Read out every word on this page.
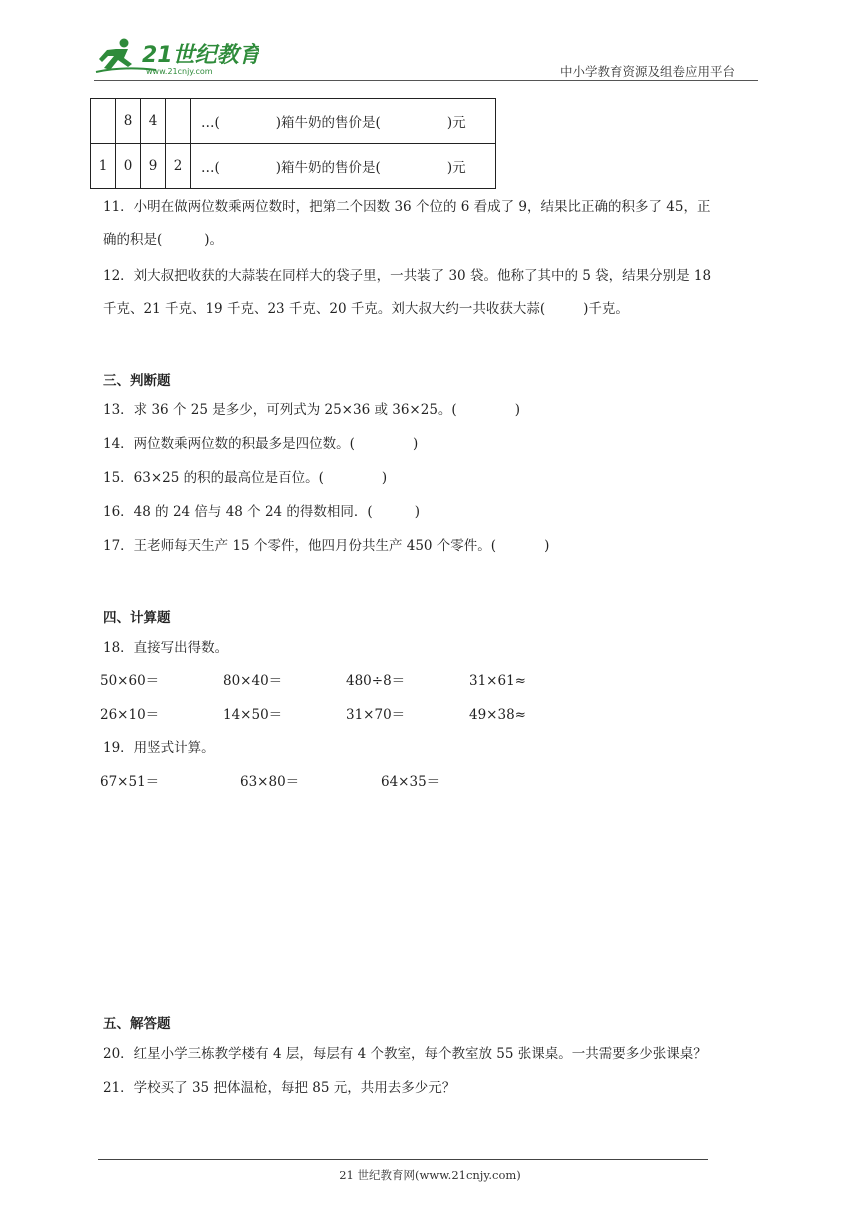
21世纪教育
www.21cnjy.com	中小学教育资源及组卷应用平台
	8	4		…( )箱牛奶的售价是( )元
1	0	9	2	…( )箱牛奶的售价是( )元
11．小明在做两位数乘两位数时，把第二个因数 36 个位的 6 看成了 9，结果比正确的积多了 45，正
确的积是(	)。
12．刘大叔把收获的大蒜装在同样大的袋子里，一共装了 30 袋。他称了其中的 5 袋，结果分别是 18
千克、21 千克、19 千克、23 千克、20 千克。刘大叔大约一共收获大蒜(	)千克。
三、判断题
13．求 36 个 25 是多少，可列式为 25×36 或 36×25。(	)
14．两位数乘两位数的积最多是四位数。(	)
15．63×25 的积的最高位是百位。(	)
16．48 的 24 倍与 48 个 24 的得数相同．(	)
17．王老师每天生产 15 个零件，他四月份共生产 450 个零件。(	)
四、计算题
18．直接写出得数。
50×60＝	80×40＝	480÷8＝	31×61≈
26×10＝	14×50＝	31×70＝	49×38≈
19．用竖式计算。
67×51＝	63×80＝	64×35＝
五、解答题
20．红星小学三栋教学楼有 4 层，每层有 4 个教室，每个教室放 55 张课桌。一共需要多少张课桌？
21．学校买了 35 把体温枪，每把 85 元，共用去多少元？
21 世纪教育网(www.21cnjy.com)
